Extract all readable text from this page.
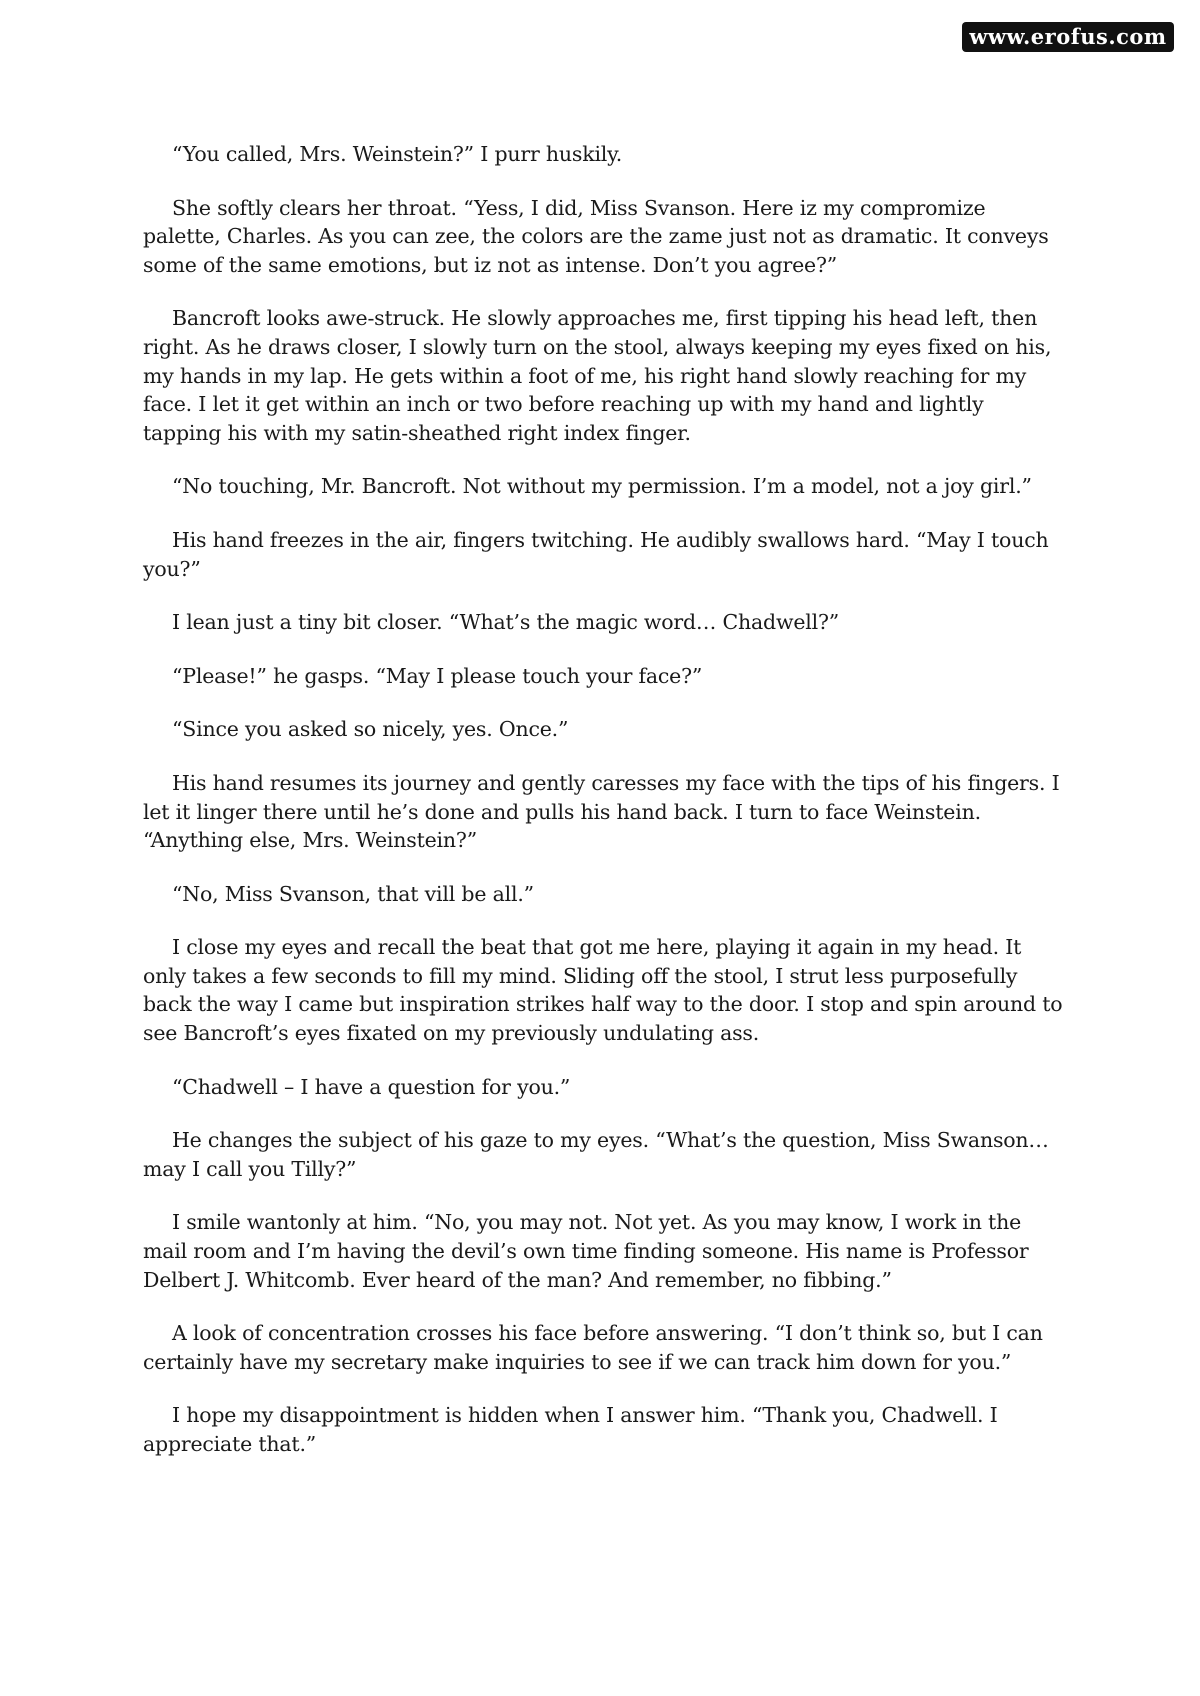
www.erofus.com

“You called, Mrs. Weinstein?” I purr huskily.

She softly clears her throat. “Yess, I did, Miss Svanson. Here iz my compromize palette, Charles. As you can zee, the colors are the zame just not as dramatic. It conveys some of the same emotions, but iz not as intense. Don’t you agree?”

Bancroft looks awe-struck. He slowly approaches me, first tipping his head left, then right. As he draws closer, I slowly turn on the stool, always keeping my eyes fixed on his, my hands in my lap. He gets within a foot of me, his right hand slowly reaching for my face. I let it get within an inch or two before reaching up with my hand and lightly tapping his with my satin-sheathed right index finger.

“No touching, Mr. Bancroft. Not without my permission. I’m a model, not a joy girl.”

His hand freezes in the air, fingers twitching. He audibly swallows hard. “May I touch you?”

I lean just a tiny bit closer. “What’s the magic word… Chadwell?”

“Please!” he gasps. “May I please touch your face?”

“Since you asked so nicely, yes. Once.”

His hand resumes its journey and gently caresses my face with the tips of his fingers. I let it linger there until he’s done and pulls his hand back. I turn to face Weinstein. “Anything else, Mrs. Weinstein?”

“No, Miss Svanson, that vill be all.”

I close my eyes and recall the beat that got me here, playing it again in my head. It only takes a few seconds to fill my mind. Sliding off the stool, I strut less purposefully back the way I came but inspiration strikes half way to the door. I stop and spin around to see Bancroft’s eyes fixated on my previously undulating ass.

“Chadwell – I have a question for you.”

He changes the subject of his gaze to my eyes. “What’s the question, Miss Swanson… may I call you Tilly?”

I smile wantonly at him. “No, you may not. Not yet. As you may know, I work in the mail room and I’m having the devil’s own time finding someone. His name is Professor Delbert J. Whitcomb. Ever heard of the man? And remember, no fibbing.”

A look of concentration crosses his face before answering. “I don’t think so, but I can certainly have my secretary make inquiries to see if we can track him down for you.”

I hope my disappointment is hidden when I answer him. “Thank you, Chadwell. I appreciate that.”
